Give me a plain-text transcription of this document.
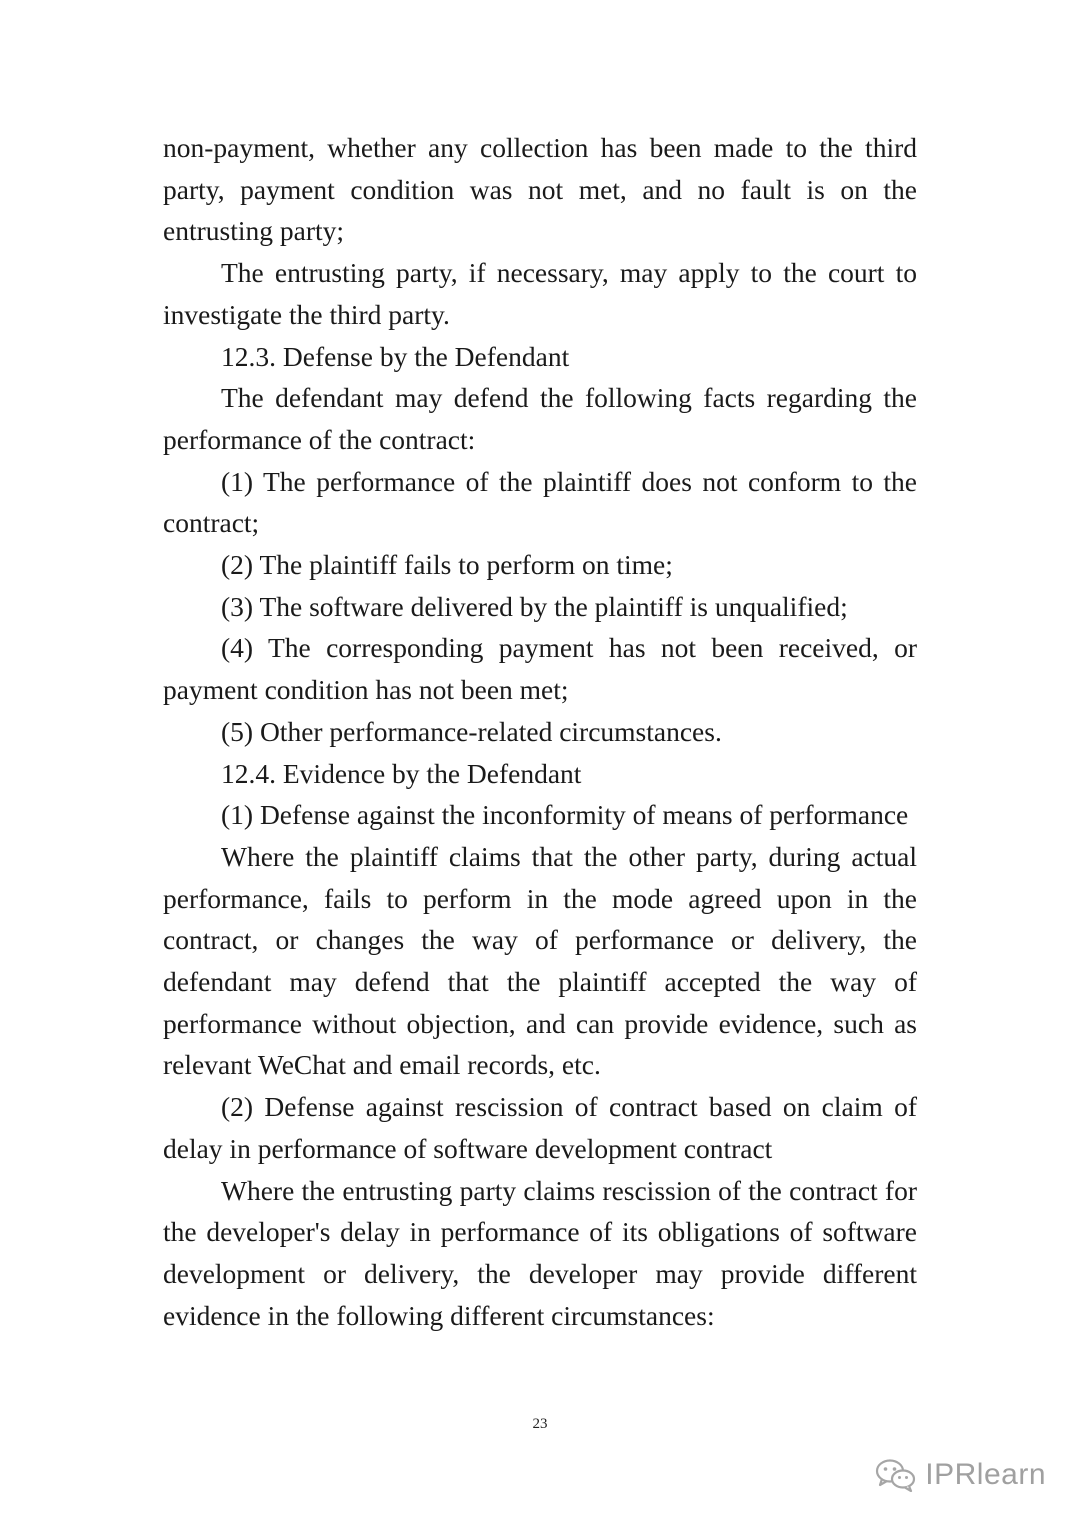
non-payment, whether any collection has been made to the third party, payment condition was not met, and no fault is on the entrusting party;

The entrusting party, if necessary, may apply to the court to investigate the third party.

12.3. Defense by the Defendant

The defendant may defend the following facts regarding the performance of the contract:

(1) The performance of the plaintiff does not conform to the contract;

(2) The plaintiff fails to perform on time;

(3) The software delivered by the plaintiff is unqualified;

(4) The corresponding payment has not been received, or payment condition has not been met;

(5) Other performance-related circumstances.

12.4. Evidence by the Defendant

(1) Defense against the inconformity of means of performance

Where the plaintiff claims that the other party, during actual performance, fails to perform in the mode agreed upon in the contract, or changes the way of performance or delivery, the defendant may defend that the plaintiff accepted the way of performance without objection, and can provide evidence, such as relevant WeChat and email records, etc.

(2) Defense against rescission of contract based on claim of delay in performance of software development contract

Where the entrusting party claims rescission of the contract for the developer's delay in performance of its obligations of software development or delivery, the developer may provide different evidence in the following different circumstances:

23
IPRlearn
